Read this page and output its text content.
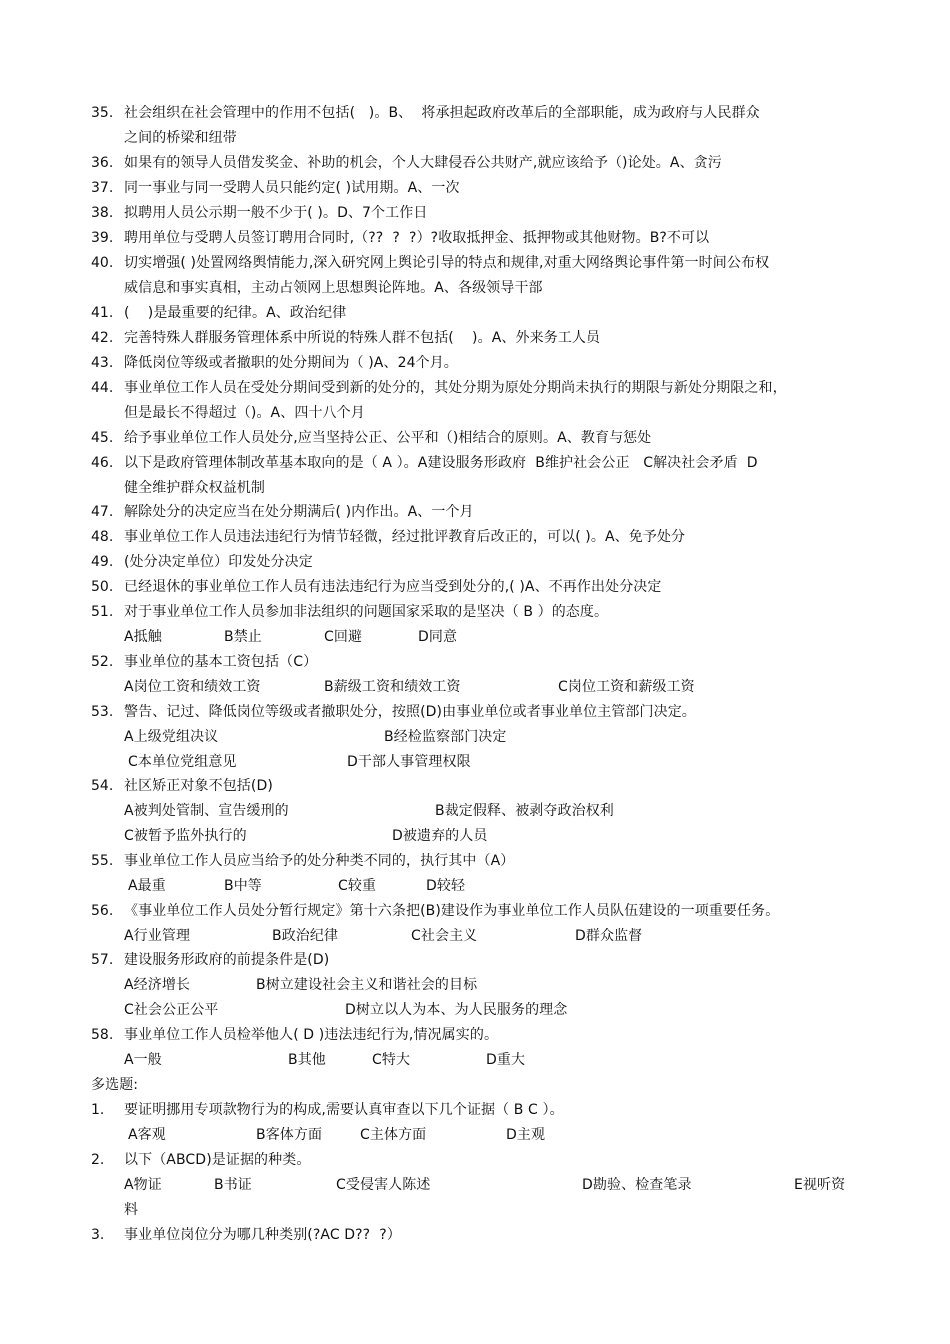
35. 社会组织在社会管理中的作用不包括(   )。B、  将承担起政府改革后的全部职能，成为政府与人民群众
之间的桥梁和纽带
36. 如果有的领导人员借发奖金、补助的机会，个人大肆侵吞公共财产,就应该给予（)论处。A、贪污
37. 同一事业与同一受聘人员只能约定( )试用期。A、一次
38. 拟聘用人员公示期一般不少于( )。D、7个工作日
39. 聘用单位与受聘人员签订聘用合同时,（??  ?  ?）?收取抵押金、抵押物或其他财物。B?不可以
40. 切实增强( )处置网络舆情能力,深入研究网上舆论引导的特点和规律,对重大网络舆论事件第一时间公布权
威信息和事实真相，主动占领网上思想舆论阵地。A、各级领导干部
41. (    )是最重要的纪律。A、政治纪律
42. 完善特殊人群服务管理体系中所说的特殊人群不包括(    )。A、外来务工人员
43. 降低岗位等级或者撤职的处分期间为（ )A、24个月。
44. 事业单位工作人员在受处分期间受到新的处分的，其处分期为原处分期尚未执行的期限与新处分期限之和，
但是最长不得超过（)。A、四十八个月
45. 给予事业单位工作人员处分,应当坚持公正、公平和（)相结合的原则。A、教育与惩处
46. 以下是政府管理体制改革基本取向的是（ A ）。A建设服务形政府  B维护社会公正   C解决社会矛盾  D
健全维护群众权益机制
47. 解除处分的决定应当在处分期满后( )内作出。A、一个月
48. 事业单位工作人员违法违纪行为情节轻微，经过批评教育后改正的，可以( )。A、免予处分
49. (处分决定单位）印发处分决定
50. 已经退休的事业单位工作人员有违法违纪行为应当受到处分的,( )A、不再作出处分决定
51. 对于事业单位工作人员参加非法组织的问题国家采取的是坚决（ B ）的态度。
A抵触	B禁止	C回避	D同意
52. 事业单位的基本工资包括（C）
A岗位工资和绩效工资	B薪级工资和绩效工资	C岗位工资和薪级工资
53. 警告、记过、降低岗位等级或者撤职处分，按照(D)由事业单位或者事业单位主管部门决定。
A上级党组决议	B经检监察部门决定
C本单位党组意见	D干部人事管理权限
54. 社区矫正对象不包括(D)
A被判处管制、宣告缓刑的	B裁定假释、被剥夺政治权利
C被暂予监外执行的	D被遗弃的人员
55. 事业单位工作人员应当给予的处分种类不同的，执行其中（A）
A最重	B中等	C较重	D较轻
56. 《事业单位工作人员处分暂行规定》第十六条把(B)建设作为事业单位工作人员队伍建设的一项重要任务。
A行业管理	B政治纪律	C社会主义	D群众监督
57. 建设服务形政府的前提条件是(D)
A经济增长	B树立建设社会主义和谐社会的目标
C社会公正公平	D树立以人为本、为人民服务的理念
58. 事业单位工作人员检举他人( D )违法违纪行为,情况属实的。
A一般	B其他	C特大	D重大
多选题:
1. 要证明挪用专项款物行为的构成,需要认真审查以下几个证据（ B C ）。
A客观	B客体方面	C主体方面	D主观
2. 以下（ABCD)是证据的种类。
A物证	B书证	C受侵害人陈述	D勘验、检查笔录	E视听资
料
3. 事业单位岗位分为哪几种类别(?AC D??  ?）
